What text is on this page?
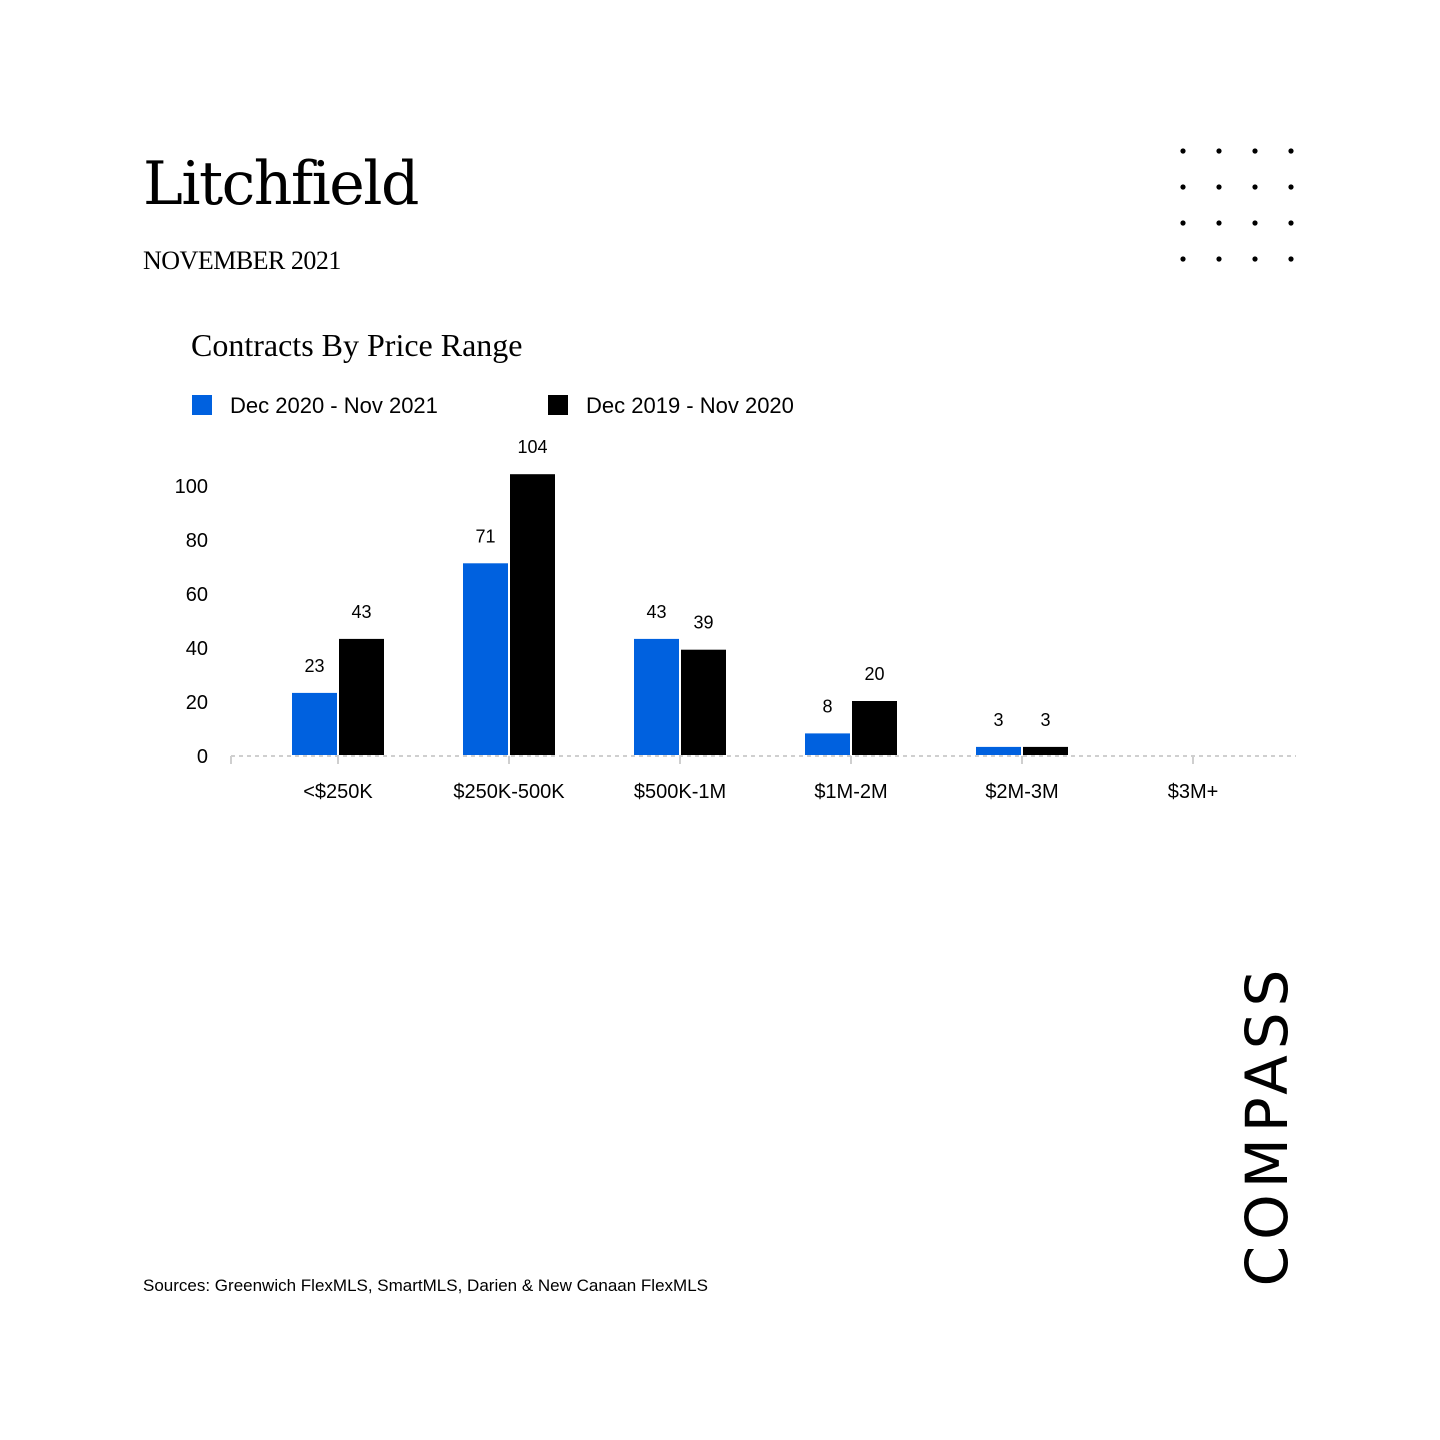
Litchfield
NOVEMBER 2021
Contracts By Price Range
Dec 2020 - Nov 2021	Dec 2019 - Nov 2020
0
20
40
60
80
100
<$250K	$250K-500K	$500K-1M	$1M-2M	$2M-3M	$3M+
23
43
71
104
43
39
8
20
3 3
Sources: Greenwich FlexMLS, SmartMLS, Darien & New Canaan FlexMLS	COMPASS
